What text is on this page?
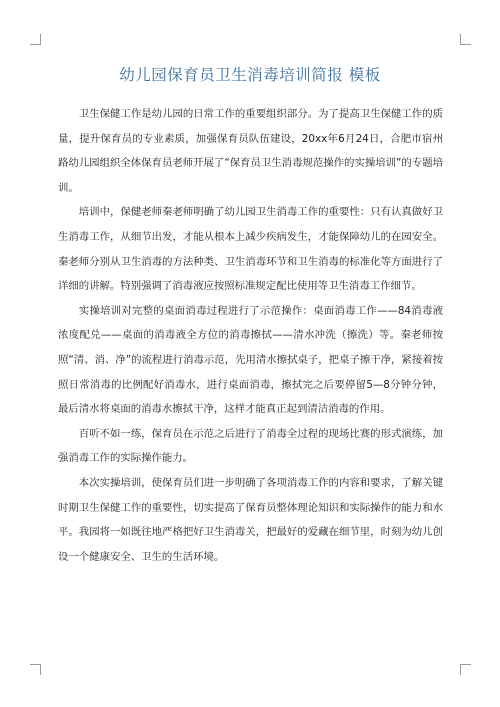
幼儿园保育员卫生消毒培训简报 模板

卫生保健工作是幼儿园的日常工作的重要组织部分。为了提高卫生保健工作的质量，提升保育员的专业素质，加强保育员队伍建设，20xx年6月24日，合肥市宿州路幼儿园组织全体保育员老师开展了“保育员卫生消毒规范操作的实操培训”的专题培训。

培训中，保健老师秦老师明确了幼儿园卫生消毒工作的重要性：只有认真做好卫生消毒工作，从细节出发，才能从根本上减少疾病发生，才能保障幼儿的在园安全。秦老师分别从卫生消毒的方法种类、卫生消毒环节和卫生消毒的标准化等方面进行了详细的讲解。特别强调了消毒液应按照标准规定配比使用等卫生消毒工作细节。

实操培训对完整的桌面消毒过程进行了示范操作：桌面消毒工作——84消毒液浓度配兑——桌面的消毒液全方位的消毒擦拭——清水冲洗（擦洗）等。秦老师按照“清、消、净”的流程进行消毒示范，先用清水擦拭桌子，把桌子擦干净，紧接着按照日常消毒的比例配好消毒水，进行桌面消毒，擦拭完之后要停留5—8分钟分钟，最后清水将桌面的消毒水擦拭干净，这样才能真正起到清洁消毒的作用。

百听不如一练，保育员在示范之后进行了消毒全过程的现场比赛的形式演练，加强消毒工作的实际操作能力。

本次实操培训，使保育员们进一步明确了各项消毒工作的内容和要求，了解关键时期卫生保健工作的重要性，切实提高了保育员整体理论知识和实际操作的能力和水平。我园将一如既往地严格把好卫生消毒关，把最好的爱藏在细节里，时刻为幼儿创设一个健康安全、卫生的生活环境。
